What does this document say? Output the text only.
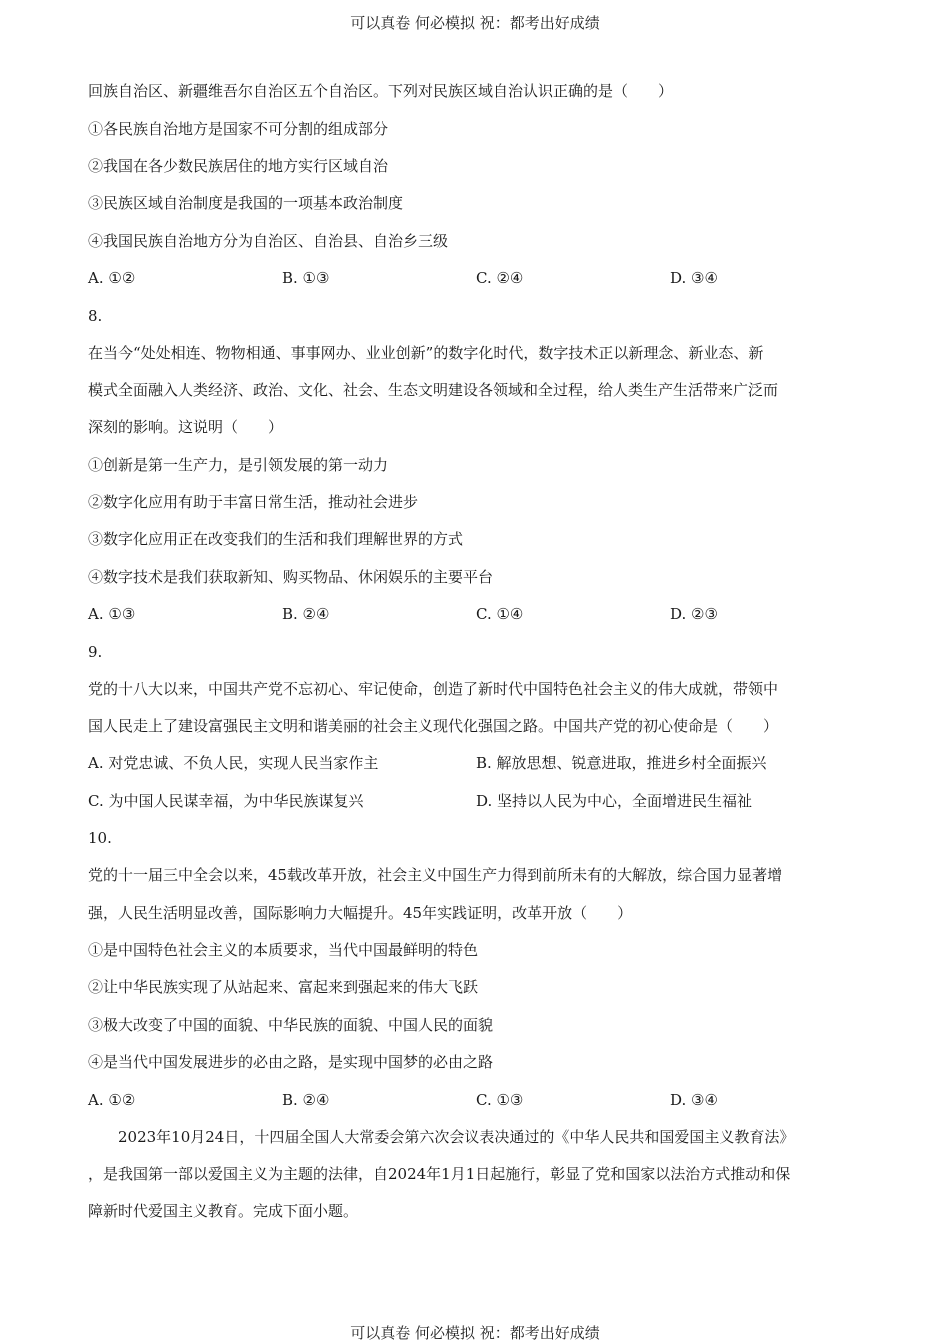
可以真卷 何必模拟 祝：都考出好成绩
回族自治区、新疆维吾尔自治区五个自治区。下列对民族区域自治认识正确的是（　　）
①各民族自治地方是国家不可分割的组成部分
②我国在各少数民族居住的地方实行区域自治
③民族区域自治制度是我国的一项基本政治制度
④我国民族自治地方分为自治区、自治县、自治乡三级
A. ①②	B. ①③	C. ②④	D. ③④
8.
在当今“处处相连、物物相通、事事网办、业业创新”的数字化时代，数字技术正以新理念、新业态、新
模式全面融入人类经济、政治、文化、社会、生态文明建设各领域和全过程，给人类生产生活带来广泛而
深刻的影响。这说明（　　）
①创新是第一生产力，是引领发展的第一动力
②数字化应用有助于丰富日常生活，推动社会进步
③数字化应用正在改变我们的生活和我们理解世界的方式
④数字技术是我们获取新知、购买物品、休闲娱乐的主要平台
A. ①③	B. ②④	C. ①④	D. ②③
9.
党的十八大以来，中国共产党不忘初心、牢记使命，创造了新时代中国特色社会主义的伟大成就，带领中
国人民走上了建设富强民主文明和谐美丽的社会主义现代化强国之路。中国共产党的初心使命是（　　）
A. 对党忠诚、不负人民，实现人民当家作主	B. 解放思想、锐意进取，推进乡村全面振兴
C. 为中国人民谋幸福，为中华民族谋复兴	D. 坚持以人民为中心，全面增进民生福祉
10.
党的十一届三中全会以来，45载改革开放，社会主义中国生产力得到前所未有的大解放，综合国力显著增
强，人民生活明显改善，国际影响力大幅提升。45年实践证明，改革开放（　　）
①是中国特色社会主义的本质要求，当代中国最鲜明的特色
②让中华民族实现了从站起来、富起来到强起来的伟大飞跃
③极大改变了中国的面貌、中华民族的面貌、中国人民的面貌
④是当代中国发展进步的必由之路，是实现中国梦的必由之路
A. ①②	B. ②④	C. ①③	D. ③④
2023年10月24日，十四届全国人大常委会第六次会议表决通过的《中华人民共和国爱国主义教育法》
，是我国第一部以爱国主义为主题的法律，自2024年1月1日起施行，彰显了党和国家以法治方式推动和保
障新时代爱国主义教育。完成下面小题。
可以真卷 何必模拟 祝：都考出好成绩
